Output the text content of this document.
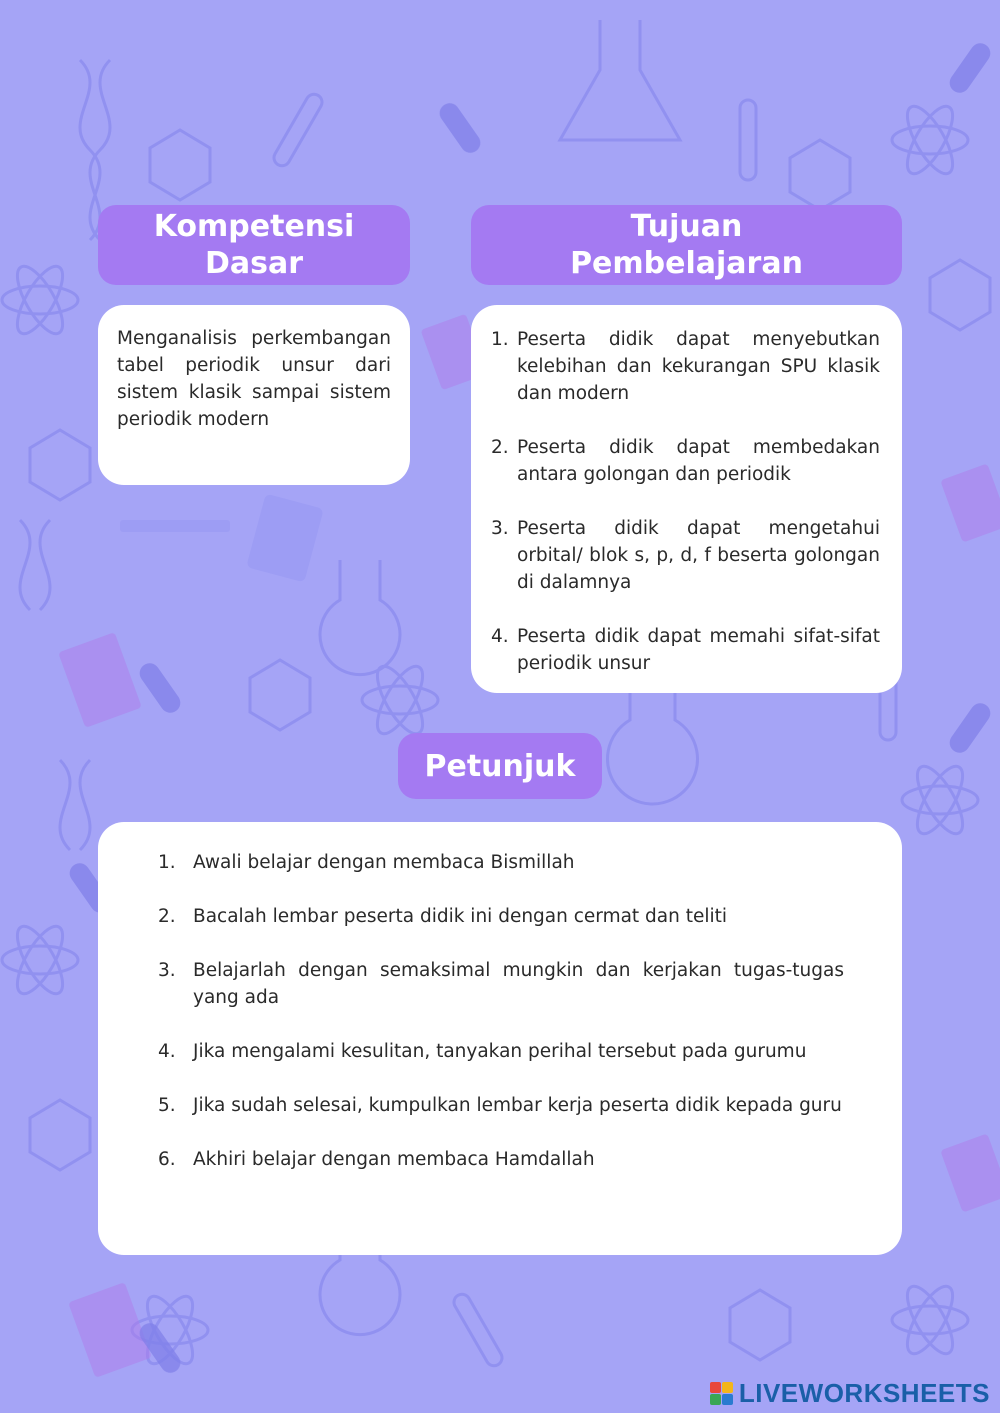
Kompetensi Dasar
Menganalisis perkembangan tabel periodik unsur dari sistem klasik sampai sistem periodik modern
Tujuan Pembelajaran
1. Peserta didik dapat menyebutkan kelebihan dan kekurangan SPU klasik dan modern
2. Peserta didik dapat membedakan antara golongan dan periodik
3. Peserta didik dapat mengetahui orbital/ blok s, p, d, f beserta golongan di dalamnya
4. Peserta didik dapat memahi sifat-sifat periodik unsur
Petunjuk
1. Awali belajar dengan membaca Bismillah
2. Bacalah lembar peserta didik ini dengan cermat dan teliti
3. Belajarlah dengan semaksimal mungkin dan kerjakan tugas-tugas yang ada
4. Jika mengalami kesulitan, tanyakan perihal tersebut pada gurumu
5. Jika sudah selesai, kumpulkan lembar kerja peserta didik kepada guru
6. Akhiri belajar dengan membaca Hamdallah
LIVEWORKSHEETS
